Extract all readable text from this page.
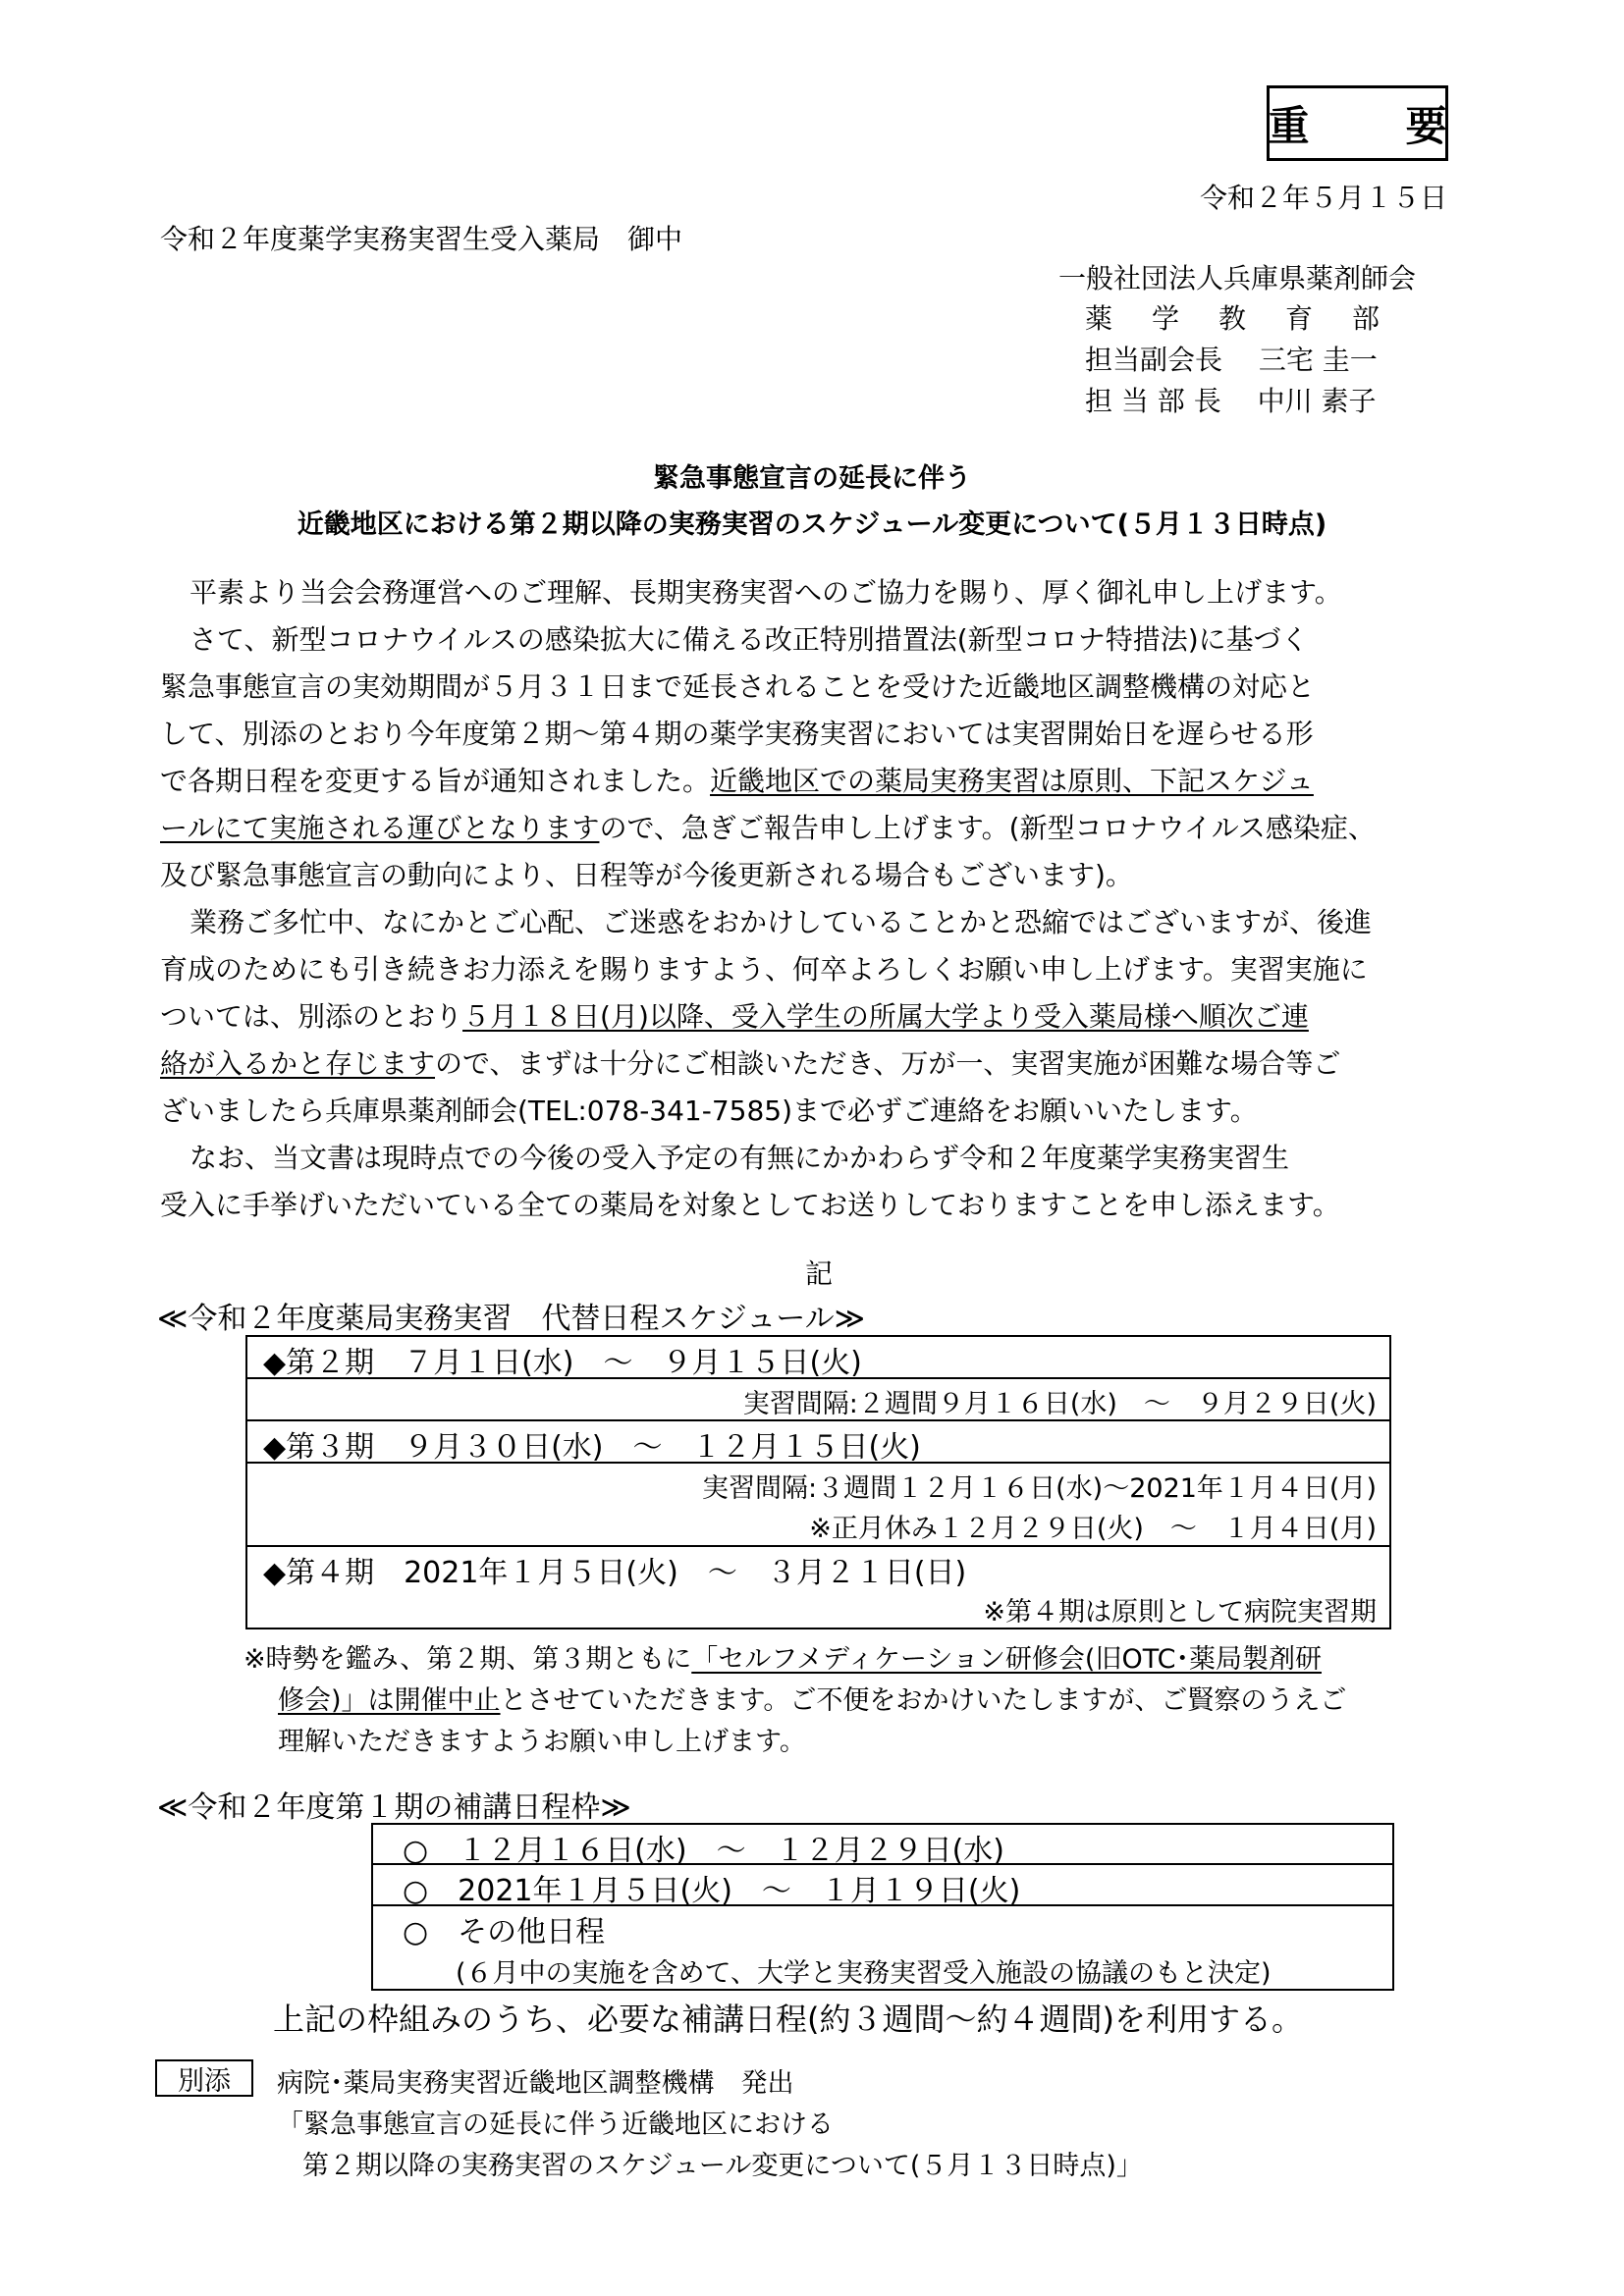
重　要
令和２年５月１５日
令和２年度薬学実務実習生受入薬局　御中
一般社団法人兵庫県薬剤師会
薬　学　教　育　部
担当副会長　 三宅 圭一
担 当 部 長　 中川 素子
緊急事態宣言の延長に伴う
近畿地区における第２期以降の実務実習のスケジュール変更について(５月１３日時点)
平素より当会会務運営へのご理解、長期実務実習へのご協力を賜り、厚く御礼申し上げます。
さて、新型コロナウイルスの感染拡大に備える改正特別措置法(新型コロナ特措法)に基づく
緊急事態宣言の実効期間が５月３１日まで延長されることを受けた近畿地区調整機構の対応と
して、別添のとおり今年度第２期～第４期の薬学実務実習においては実習開始日を遅らせる形
で各期日程を変更する旨が通知されました。近畿地区での薬局実務実習は原則、下記スケジュ
ールにて実施される運びとなりますので、急ぎご報告申し上げます。(新型コロナウイルス感染症、
及び緊急事態宣言の動向により、日程等が今後更新される場合もございます)。
業務ご多忙中、なにかとご心配、ご迷惑をおかけしていることかと恐縮ではございますが、後進
育成のためにも引き続きお力添えを賜りますよう、何卒よろしくお願い申し上げます。実習実施に
ついては、別添のとおり５月１８日(月)以降、受入学生の所属大学より受入薬局様へ順次ご連
絡が入るかと存じますので、まずは十分にご相談いただき、万が一、実習実施が困難な場合等ご
ざいましたら兵庫県薬剤師会(TEL:078-341-7585)まで必ずご連絡をお願いいたします。
なお、当文書は現時点での今後の受入予定の有無にかかわらず令和２年度薬学実務実習生
受入に手挙げいただいている全ての薬局を対象としてお送りしておりますことを申し添えます。
記
≪令和２年度薬局実務実習　代替日程スケジュール≫
◆第２期　７月１日(水)　～　９月１５日(火)
実習間隔:２週間９月１６日(水)　～　９月２９日(火)
◆第３期　９月３０日(水)　～　１２月１５日(火)
実習間隔:３週間１２月１６日(水)～2021年１月４日(月)
※正月休み１２月２９日(火)　～　１月４日(月)
◆第４期　2021年１月５日(火)　～　３月２１日(日)
※第４期は原則として病院実習期
※時勢を鑑み、第２期、第３期ともに「セルフメディケーション研修会(旧OTC･薬局製剤研
修会)」は開催中止とさせていただきます。ご不便をおかけいたしますが、ご賢察のうえご
理解いただきますようお願い申し上げます。
≪令和２年度第１期の補講日程枠≫
○　１２月１６日(水)　～　１２月２９日(水)
○　2021年１月５日(火)　～　１月１９日(火)
○　その他日程
(６月中の実施を含めて、大学と実務実習受入施設の協議のもと決定)
上記の枠組みのうち、必要な補講日程(約３週間～約４週間)を利用する。
別添	病院･薬局実務実習近畿地区調整機構　発出
「緊急事態宣言の延長に伴う近畿地区における
第２期以降の実務実習のスケジュール変更について(５月１３日時点)」
